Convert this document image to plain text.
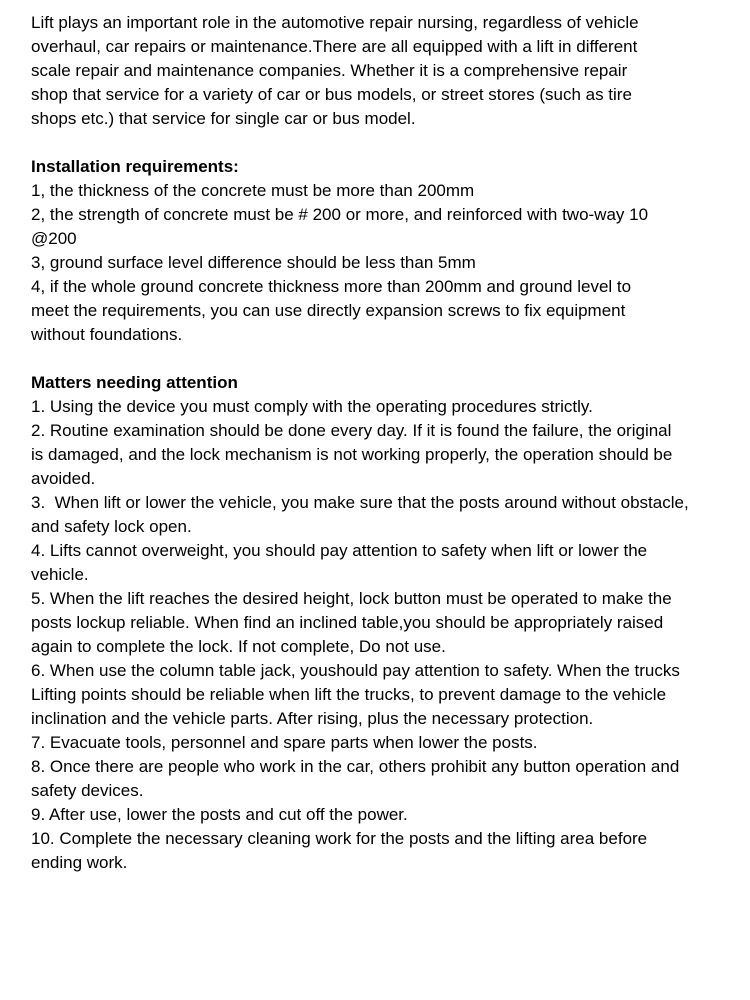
Lift plays an important role in the automotive repair nursing, regardless of vehicle

overhaul, car repairs or maintenance.There are all equipped with a lift in different

scale repair and maintenance companies. Whether it is a comprehensive repair

shop that service for a variety of car or bus models, or street stores (such as tire

shops etc.) that service for single car or bus model.

Installation requirements:

1, the thickness of the concrete must be more than 200mm

2, the strength of concrete must be # 200 or more, and reinforced with two-way 10

@200

3, ground surface level difference should be less than 5mm

4, if the whole ground concrete thickness more than 200mm and ground level to

meet the requirements, you can use directly expansion screws to fix equipment

without foundations.

Matters needing attention

1. Using the device you must comply with the operating procedures strictly.

2. Routine examination should be done every day. If it is found the failure, the original

is damaged, and the lock mechanism is not working properly, the operation should be

avoided.

3.  When lift or lower the vehicle, you make sure that the posts around without obstacle,

and safety lock open.

4. Lifts cannot overweight, you should pay attention to safety when lift or lower the

vehicle.

5. When the lift reaches the desired height, lock button must be operated to make the

posts lockup reliable. When find an inclined table,you should be appropriately raised

again to complete the lock. If not complete, Do not use.

6. When use the column table jack, youshould pay attention to safety. When the trucks

Lifting points should be reliable when lift the trucks, to prevent damage to the vehicle

inclination and the vehicle parts. After rising, plus the necessary protection.

7. Evacuate tools, personnel and spare parts when lower the posts.

8. Once there are people who work in the car, others prohibit any button operation and

safety devices.

9. After use, lower the posts and cut off the power.

10. Complete the necessary cleaning work for the posts and the lifting area before

ending work.
